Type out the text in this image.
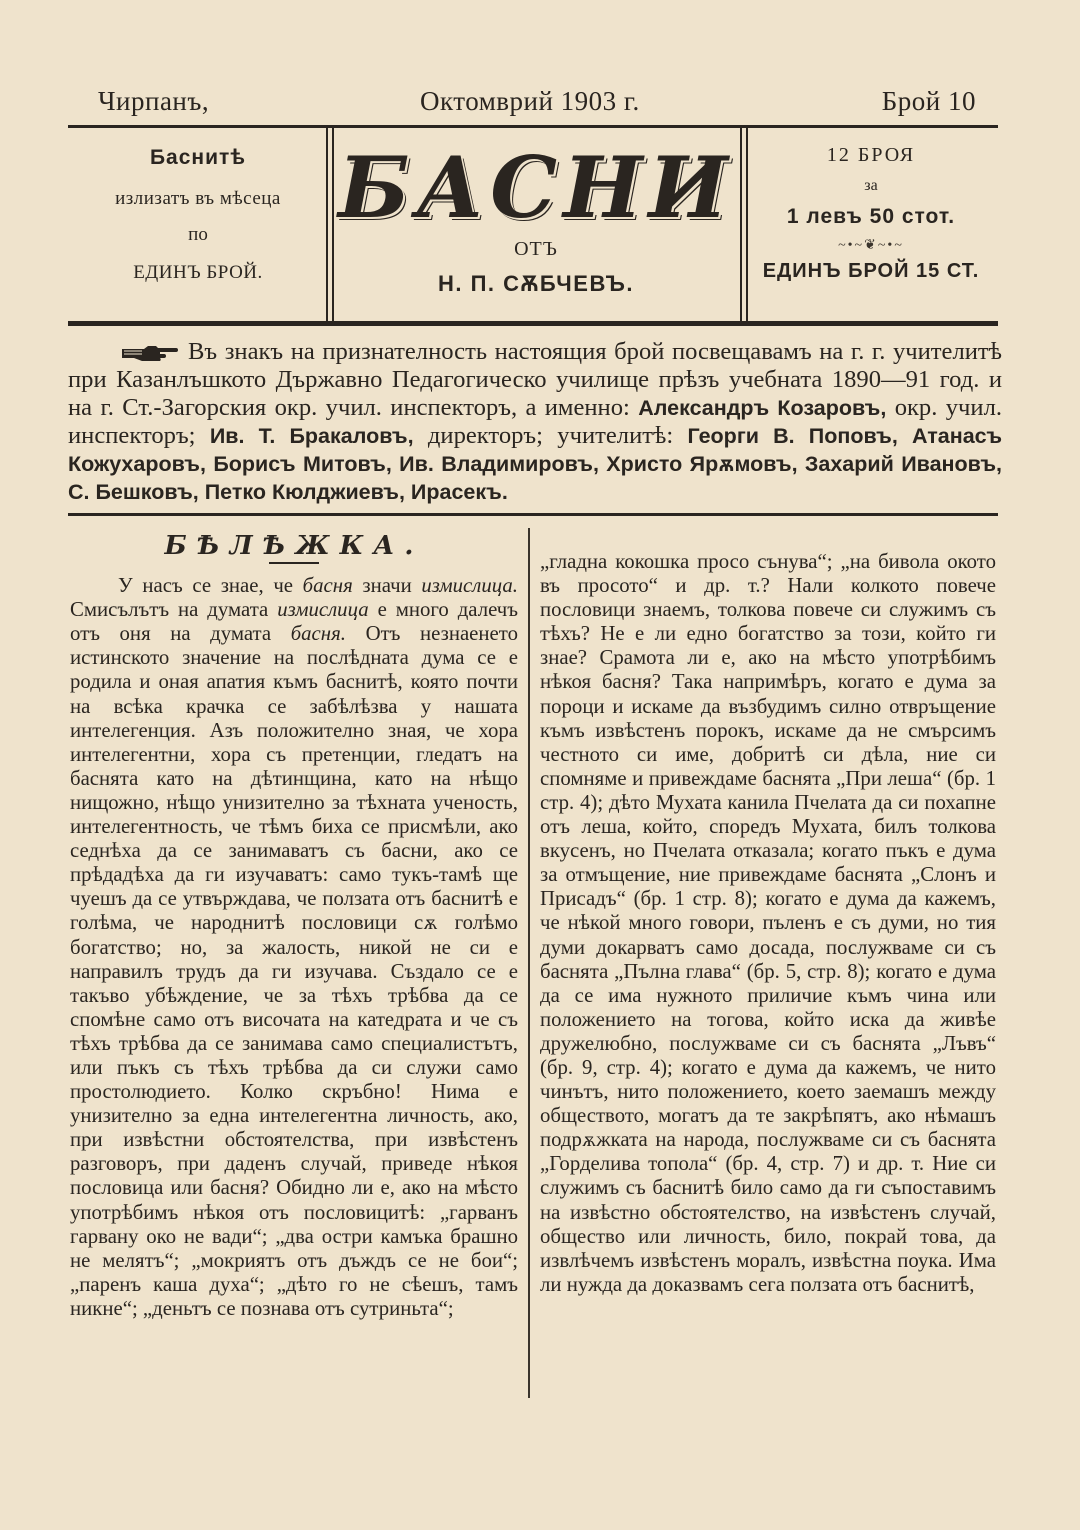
Чирпанъ,	Октомврий 1903 г.	Брой 10
Баснитѣ
излизатъ въ мѣсеца
по
ЕДИНЪ БРОЙ.
БАСНИ
ОТЪ
Н. П. СѪБЧЕВЪ.
12 БРОЯ
за
1 левъ 50 стот.
~•~❦~•~
ЕДИНЪ БРОЙ 15 СТ.
Въ знакъ на признателность настоящия брой посвещавамъ на г. г. учителитѣ при Казанлъшкото Държавно Педагогическо училище прѣзъ учебната 1890—91 год. и на г. Ст.-Загорския окр. учил. инспекторъ, а именно: Александръ Козаровъ, окр. учил. инспекторъ; Ив. Т. Бракаловъ, директоръ; учителитѣ: Георги В. Поповъ, Атанасъ Кожухаровъ, Борисъ Митовъ, Ив. Владимировъ, Христо Ярѫмовъ, Захарий Ивановъ, С. Бешковъ, Петко Кюлджиевъ, Ирасекъ.
БѢЛѢЖКА.

У насъ се знае, че басня значи измислица. Смисълътъ на думата измислица е много далечъ отъ оня на думата басня. Отъ незнаенето истинското значение на послѣдната дума се е родила и оная апатия къмъ баснитѣ, която почти на всѣка крачка се забѣлѣзва у нашата интелегенция. Азъ положително зная, че хора интелегентни, хора съ претенции, гледатъ на баснята като на дѣтинщина, като на нѣщо нищожно, нѣщо унизително за тѣхната ученость, интелегентность, че тѣмъ биха се присмѣли, ако седнѣха да се занимаватъ съ басни, ако се прѣдадѣха да ги изучаватъ: само тукъ-тамѣ ще чуешъ да се утвърждава, че ползата отъ баснитѣ е голѣма, че народнитѣ пословици сѫ голѣмо богатство; но, за жалость, никой не си е направилъ трудъ да ги изучава. Създало се е такъво убѣждение, че за тѣхъ трѣбва да се спомѣне само отъ височата на катедрата и че съ тѣхъ трѣбва да се занимава само специалистътъ, или пъкъ съ тѣхъ трѣбва да си служи само простолюдието. Колко скръбно! Нима е унизително за една интелегентна личность, ако, при извѣстни обстоятелства, при извѣстенъ разговоръ, при даденъ случай, приведе нѣкоя пословица или басня? Обидно ли е, ако на мѣсто употрѣбимъ нѣкоя отъ пословицитѣ: „гарванъ гарвану око не вади“; „два остри камъка брашно не мелятъ“; „мокриятъ отъ дъждъ се не бои“; „паренъ каша духа“; „дѣто го не сѣешъ, тамъ никне“; „деньтъ се познава отъ сутриньта“;

„гладна кокошка просо сънува“; „на бивола окото въ просото“ и др. т.? Нали колкото повече пословици знаемъ, толкова повече си служимъ съ тѣхъ? Не е ли едно богатство за този, който ги знае? Срамота ли е, ако на мѣсто употрѣбимъ нѣкоя басня? Така напримѣръ, когато е дума за пороци и искаме да възбудимъ силно отвръщение къмъ извѣстенъ порокъ, искаме да не смърсимъ честното си име, добритѣ си дѣла, ние си спомняме и привеждаме баснята „При леша“ (бр. 1 стр. 4); дѣто Мухата канила Пчелата да си похапне отъ леша, който, споредъ Мухата, билъ толкова вкусенъ, но Пчелата отказала; когато пъкъ е дума за отмъщение, ние привеждаме баснята „Слонъ и Присадъ“ (бр. 1 стр. 8); когато е дума да кажемъ, че нѣкой много говори, пъленъ е съ думи, но тия думи докарватъ само досада, послужваме си съ баснята „Пълна глава“ (бр. 5, стр. 8); когато е дума да се има нужното приличие къмъ чина или положението на тогова, който иска да живѣе дружелюбно, послужваме си съ баснята „Лъвъ“ (бр. 9, стр. 4); когато е дума да кажемъ, че нито чинътъ, нито положението, което заемашъ между обществото, могатъ да те закрѣпятъ, ако нѣмашъ подрѫжката на народа, послужваме си съ баснята „Горделива топола“ (бр. 4, стр. 7) и др. т. Ние си служимъ съ баснитѣ било само да ги съпоставимъ на извѣстно обстоятелство, на извѣстенъ случай, общество или личность, било, покрай това, да извлѣчемъ извѣстенъ моралъ, извѣстна поука. Има ли нужда да доказвамъ сега ползата отъ баснитѣ,
